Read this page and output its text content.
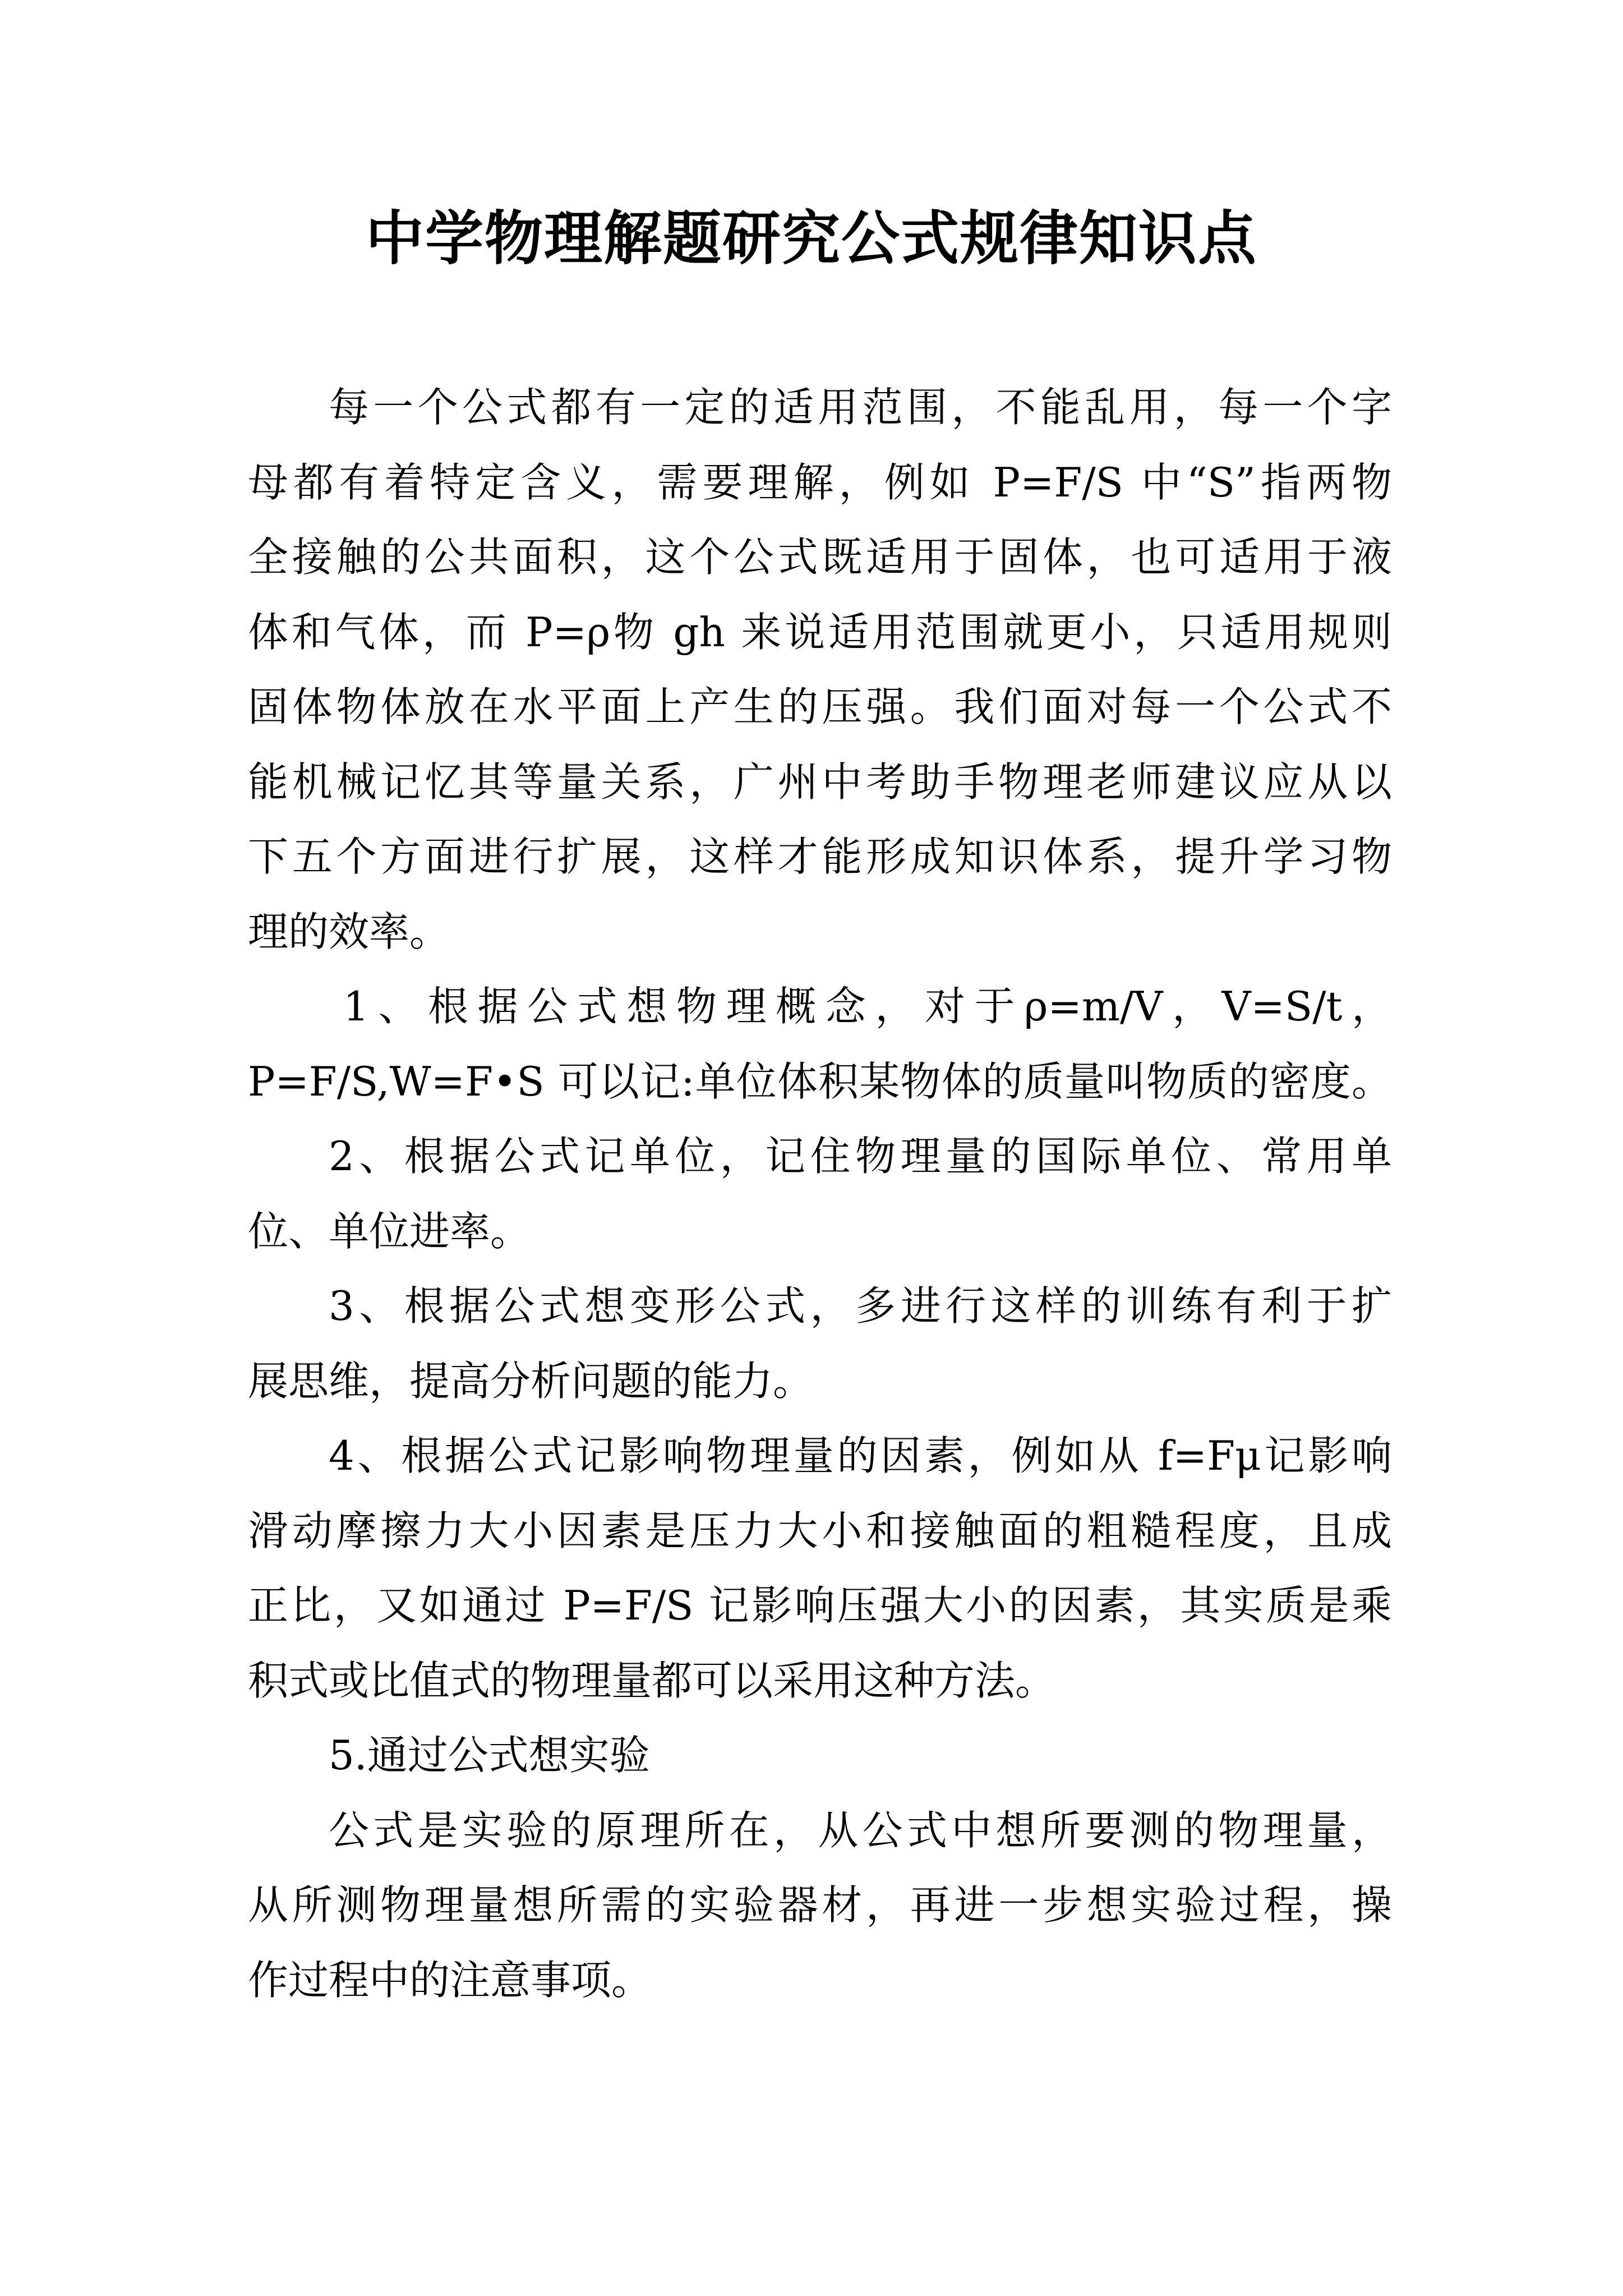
中学物理解题研究公式规律知识点
每一个公式都有一定的适用范围，不能乱用，每一个字
母都有着特定含义，需要理解，例如 P=F/S 中“S”指两物
全接触的公共面积，这个公式既适用于固体，也可适用于液
体和气体，而 P=ρ物 gh 来说适用范围就更小，只适用规则
固体物体放在水平面上产生的压强。我们面对每一个公式不
能机械记忆其等量关系，广州中考助手物理老师建议应从以
下五个方面进行扩展，这样才能形成知识体系，提升学习物
理的效率。
1、根据公式想物理概念，对于ρ=m/V，V=S/t，
P=F/S,W=F•S 可以记:单位体积某物体的质量叫物质的密度。
2、根据公式记单位，记住物理量的国际单位、常用单
位、单位进率。
3、根据公式想变形公式，多进行这样的训练有利于扩
展思维，提高分析问题的能力。
4、根据公式记影响物理量的因素，例如从 f=Fμ记影响
滑动摩擦力大小因素是压力大小和接触面的粗糙程度，且成
正比，又如通过 P=F/S 记影响压强大小的因素，其实质是乘
积式或比值式的物理量都可以采用这种方法。
5.通过公式想实验
公式是实验的原理所在，从公式中想所要测的物理量，
从所测物理量想所需的实验器材，再进一步想实验过程，操
作过程中的注意事项。
